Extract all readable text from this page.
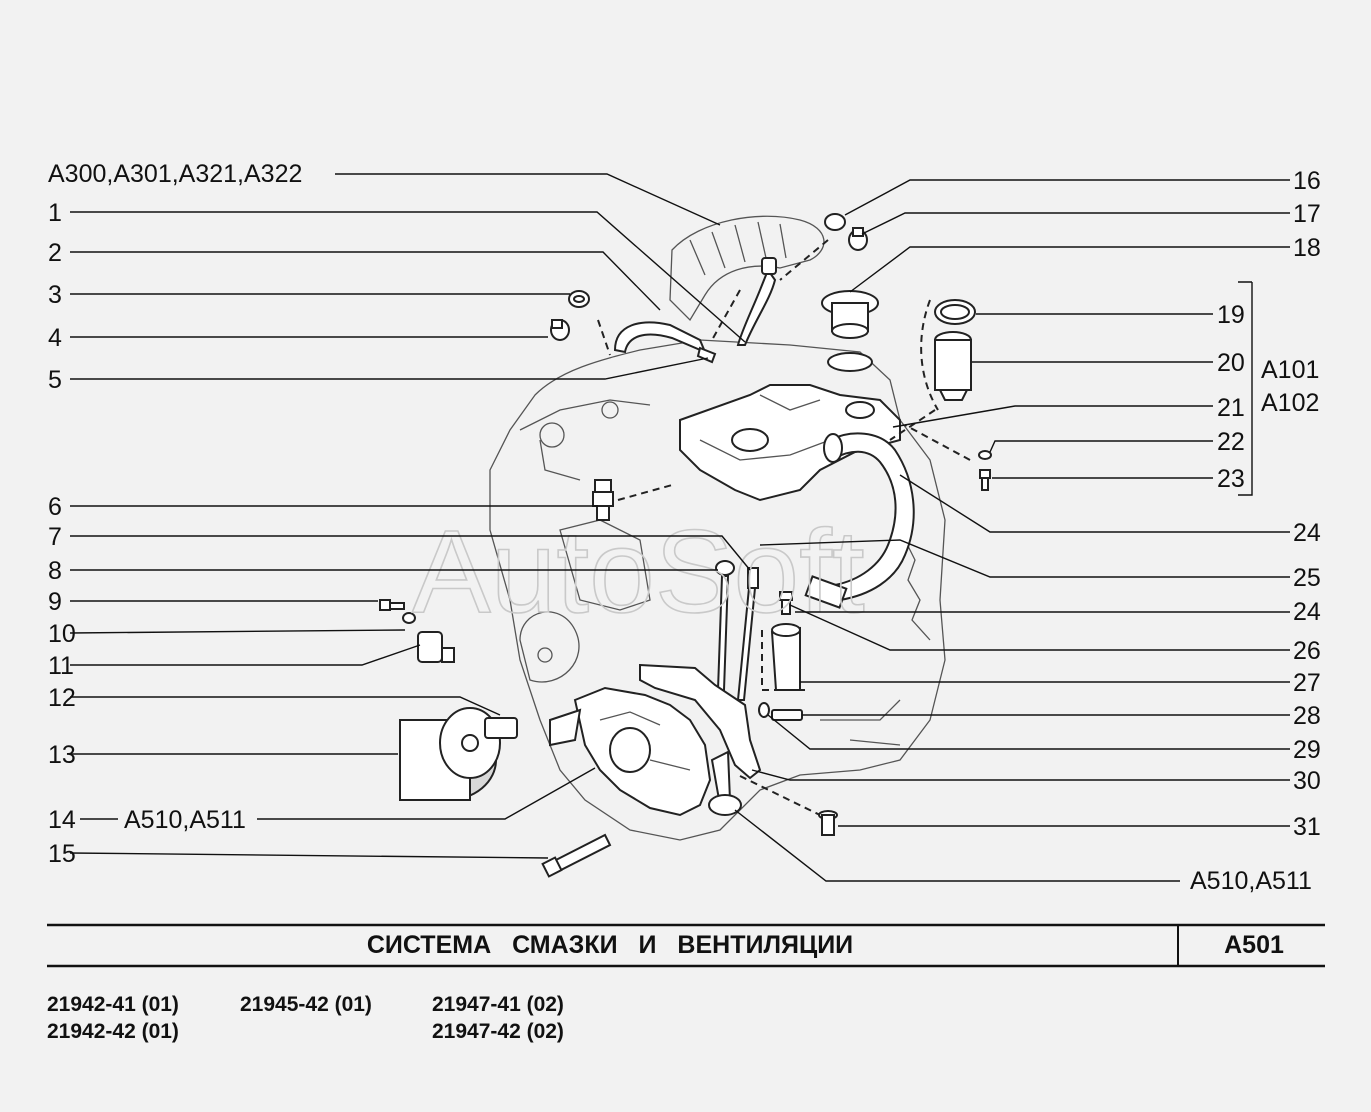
AutoSoft
A300,A301,A321,A322
1
2
3
4
5
6
7
8
9
10
11
12
13
14 A510,A511
15
16
17
18
19
20 A101
A102
21
22
23
24
25
24
26
27
28
29
30
31
A510,A511
СИСТЕМА СМАЗКИ И ВЕНТИЛЯЦИИ	A501
21942-41 (01)
21942-42 (01)
21945-42 (01)	21947-41 (02)
21947-42 (02)
